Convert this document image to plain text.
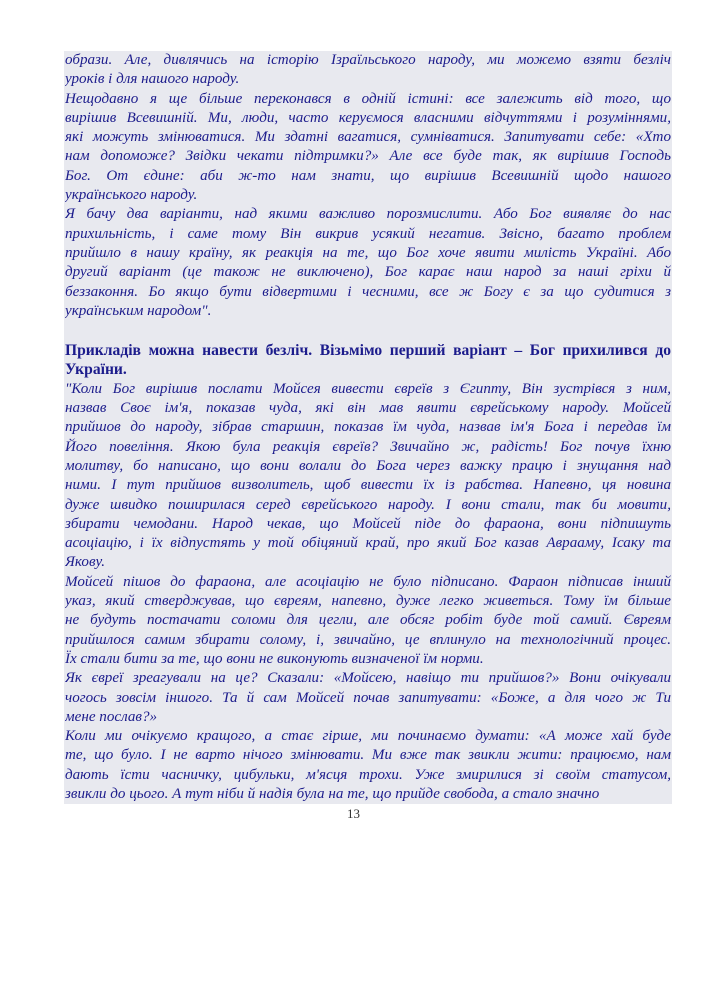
образи. Але, дивлячись на історію Ізраїльського народу, ми можемо взяти безліч
уроків і для нашого народу.
Нещодавно я ще більше переконався в одній істині: все залежить від того, що
вирішив Всевишній. Ми, люди, часто керуємося власними відчуттями і розуміннями,
які можуть змінюватися. Ми здатні вагатися, сумніватися. Запитувати себе: «Хто
нам допоможе? Звідки чекати підтримки?» Але все буде так, як вирішив Господь
Бог. От єдине: аби ж-то нам знати, що вирішив Всевишній щодо нашого
українського народу.
Я бачу два варіанти, над якими важливо порозмислити. Або Бог виявляє до нас
прихильність, і саме тому Він викрив усякий негатив. Звісно, багато проблем
прийшло в нашу країну, як реакція на те, що Бог хоче явити милість Україні. Або
другий варіант (це також не виключено), Бог карає наш народ за наші гріхи й
беззаконня. Бо якщо бути відвертими і чесними, все ж Богу є за що судитися з
українським народом".
Прикладів можна навести безліч. Візьмімо перший варіант – Бог прихилився до
України.
"Коли Бог вирішив послати Мойсея вивести євреїв з Єгипту, Він зустрівся з ним,
назвав Своє ім'я, показав чуда, які він мав явити єврейському народу. Мойсей
прийшов до народу, зібрав старшин, показав їм чуда, назвав ім'я Бога і передав їм
Його повеління. Якою була реакція євреїв? Звичайно ж, радість! Бог почув їхню
молитву, бо написано, що вони волали до Бога через важку працю і знущання над
ними. І тут прийшов визволитель, щоб вивести їх із рабства. Напевно, ця новина
дуже швидко поширилася серед єврейського народу. І вони стали, так би мовити,
збирати чемодани. Народ чекав, що Мойсей піде до фараона, вони підпишуть
асоціацію, і їх відпустять у той обіцяний край, про який Бог казав Аврааму, Ісаку та
Якову.
Мойсей пішов до фараона, але асоціацію не було підписано. Фараон підписав інший
указ, який стверджував, що євреям, напевно, дуже легко живеться. Тому їм більше
не будуть постачати соломи для цегли, але обсяг робіт буде той самий. Євреям
прийшлося самим збирати солому, і, звичайно, це вплинуло на технологічний процес.
Їх стали бити за те, що вони не виконують визначеної їм норми.
Як євреї зреагували на це? Сказали: «Мойсею, навіщо ти прийшов?» Вони очікували
чогось зовсім іншого. Та й сам Мойсей почав запитувати: «Боже, а для чого ж Ти
мене послав?»
Коли ми очікуємо кращого, а стає гірше, ми починаємо думати: «А може хай буде
те, що було. І не варто нічого змінювати. Ми вже так звикли жити: працюємо, нам
дають їсти часничку, цибульки, м'ясця трохи. Уже змирилися зі своїм статусом,
звикли до цього. А тут ніби й надія була на те, що прийде свобода, а стало значно
13
